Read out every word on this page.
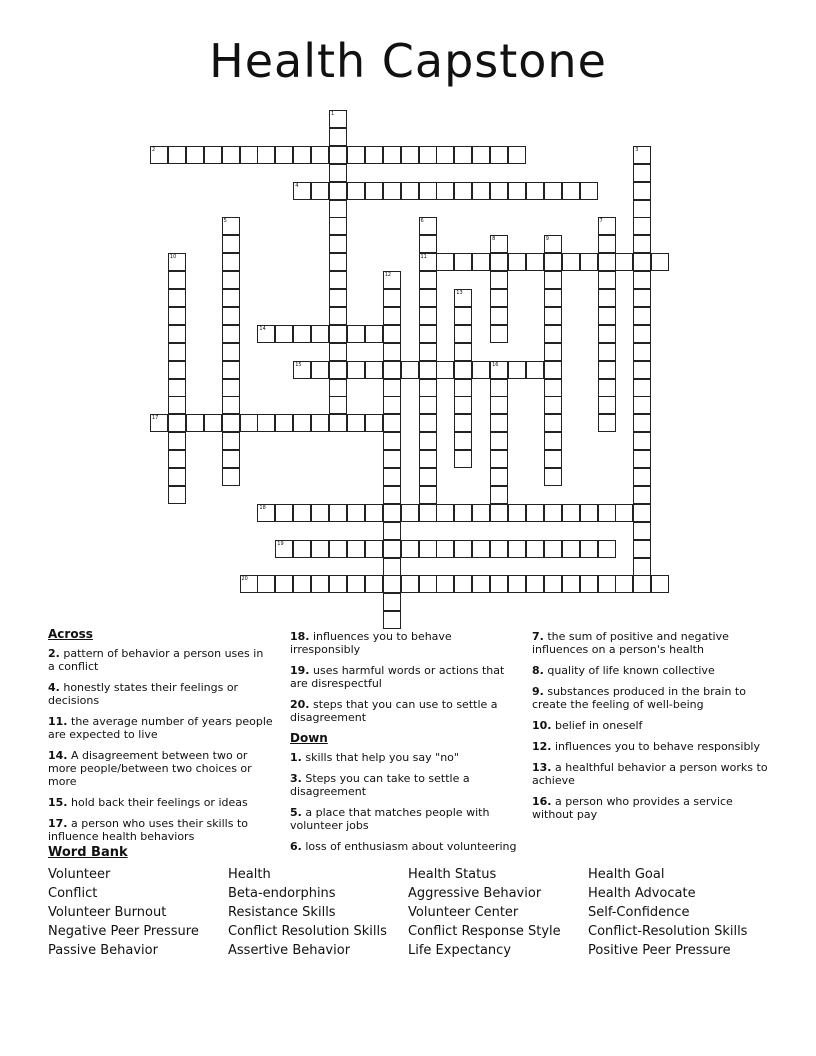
Health Capstone
1
2	3
4
5	6
11
7
8	9
10
12
13
14
15	16
17
18
19
20
Across
2. pattern of behavior a person uses in a conflict
4. honestly states their feelings or decisions
11. the average number of years people are expected to live
14. A disagreement between two or more people/between two choices or more
15. hold back their feelings or ideas
17. a person who uses their skills to influence health behaviors
18. influences you to behave irresponsibly
19. uses harmful words or actions that are disrespectful
20. steps that you can use to settle a disagreement
Down
1. skills that help you say "no"
3. Steps you can take to settle a disagreement
5. a place that matches people with volunteer jobs
6. loss of enthusiasm about volunteering
7. the sum of positive and negative influences on a person's health
8. quality of life known collective
9. substances produced in the brain to create the feeling of well-being
10. belief in oneself
12. influences you to behave responsibly
13. a healthful behavior a person works to achieve
16. a person who provides a service without pay
Word Bank
Volunteer
Conflict
Volunteer Burnout
Negative Peer Pressure
Passive Behavior
Health
Beta-endorphins
Resistance Skills
Conflict Resolution Skills
Assertive Behavior
Health Status
Aggressive Behavior
Volunteer Center
Conflict Response Style
Life Expectancy
Health Goal
Health Advocate
Self-Confidence
Conflict-Resolution Skills
Positive Peer Pressure
